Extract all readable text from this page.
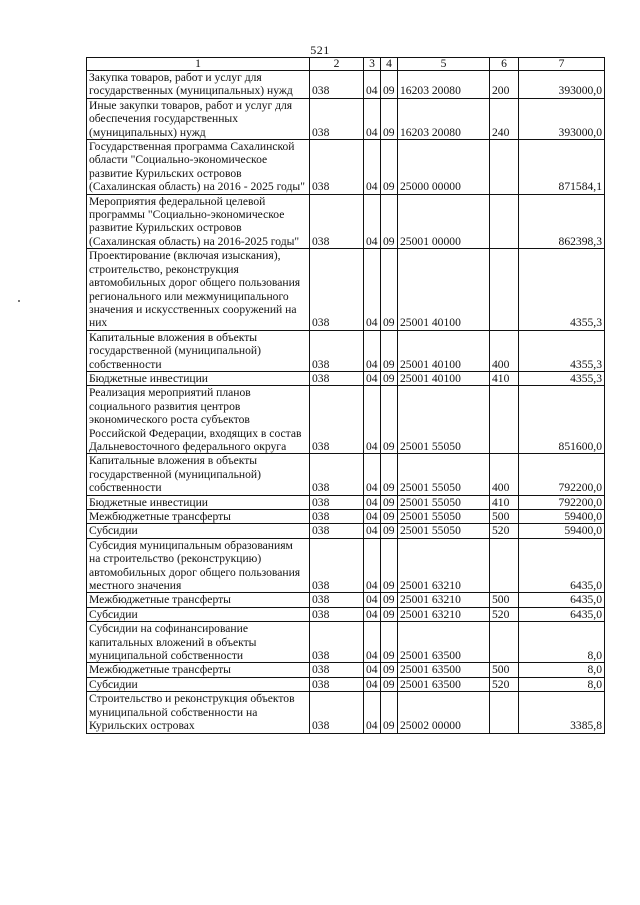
521
1	2	3	4	5	6	7
Закупка товаров, работ и услуг для государственных (муниципальных) нужд	038	04	09	16203 20080	200	393000,0
Иные закупки товаров, работ и услуг для обеспечения государственных (муниципальных) нужд	038	04	09	16203 20080	240	393000,0
Государственная программа Сахалинской области "Социально-экономическое развитие Курильских островов (Сахалинская область) на 2016 - 2025 годы"	038	04	09	25000 00000		871584,1
Мероприятия федеральной целевой программы "Социально-экономическое развитие Курильских островов (Сахалинская область) на 2016-2025 годы"	038	04	09	25001 00000		862398,3
Проектирование (включая изыскания), строительство, реконструкция автомобильных дорог общего пользования регионального или межмуниципального значения и искусственных сооружений на них	038	04	09	25001 40100		4355,3
Капитальные вложения в объекты государственной (муниципальной) собственности	038	04	09	25001 40100	400	4355,3
Бюджетные инвестиции	038	04	09	25001 40100	410	4355,3
Реализация мероприятий планов социального развития центров экономического роста субъектов Российской Федерации, входящих в состав Дальневосточного федерального округа	038	04	09	25001 55050		851600,0
Капитальные вложения в объекты государственной (муниципальной) собственности	038	04	09	25001 55050	400	792200,0
Бюджетные инвестиции	038	04	09	25001 55050	410	792200,0
Межбюджетные трансферты	038	04	09	25001 55050	500	59400,0
Субсидии	038	04	09	25001 55050	520	59400,0
Субсидия муниципальным образованиям на строительство (реконструкцию) автомобильных дорог общего пользования местного значения	038	04	09	25001 63210		6435,0
Межбюджетные трансферты	038	04	09	25001 63210	500	6435,0
Субсидии	038	04	09	25001 63210	520	6435,0
Субсидии на софинансирование капитальных вложений в объекты муниципальной собственности	038	04	09	25001 63500		8,0
Межбюджетные трансферты	038	04	09	25001 63500	500	8,0
Субсидии	038	04	09	25001 63500	520	8,0
Строительство и реконструкция объектов муниципальной собственности на Курильских островах	038	04	09	25002 00000		3385,8
